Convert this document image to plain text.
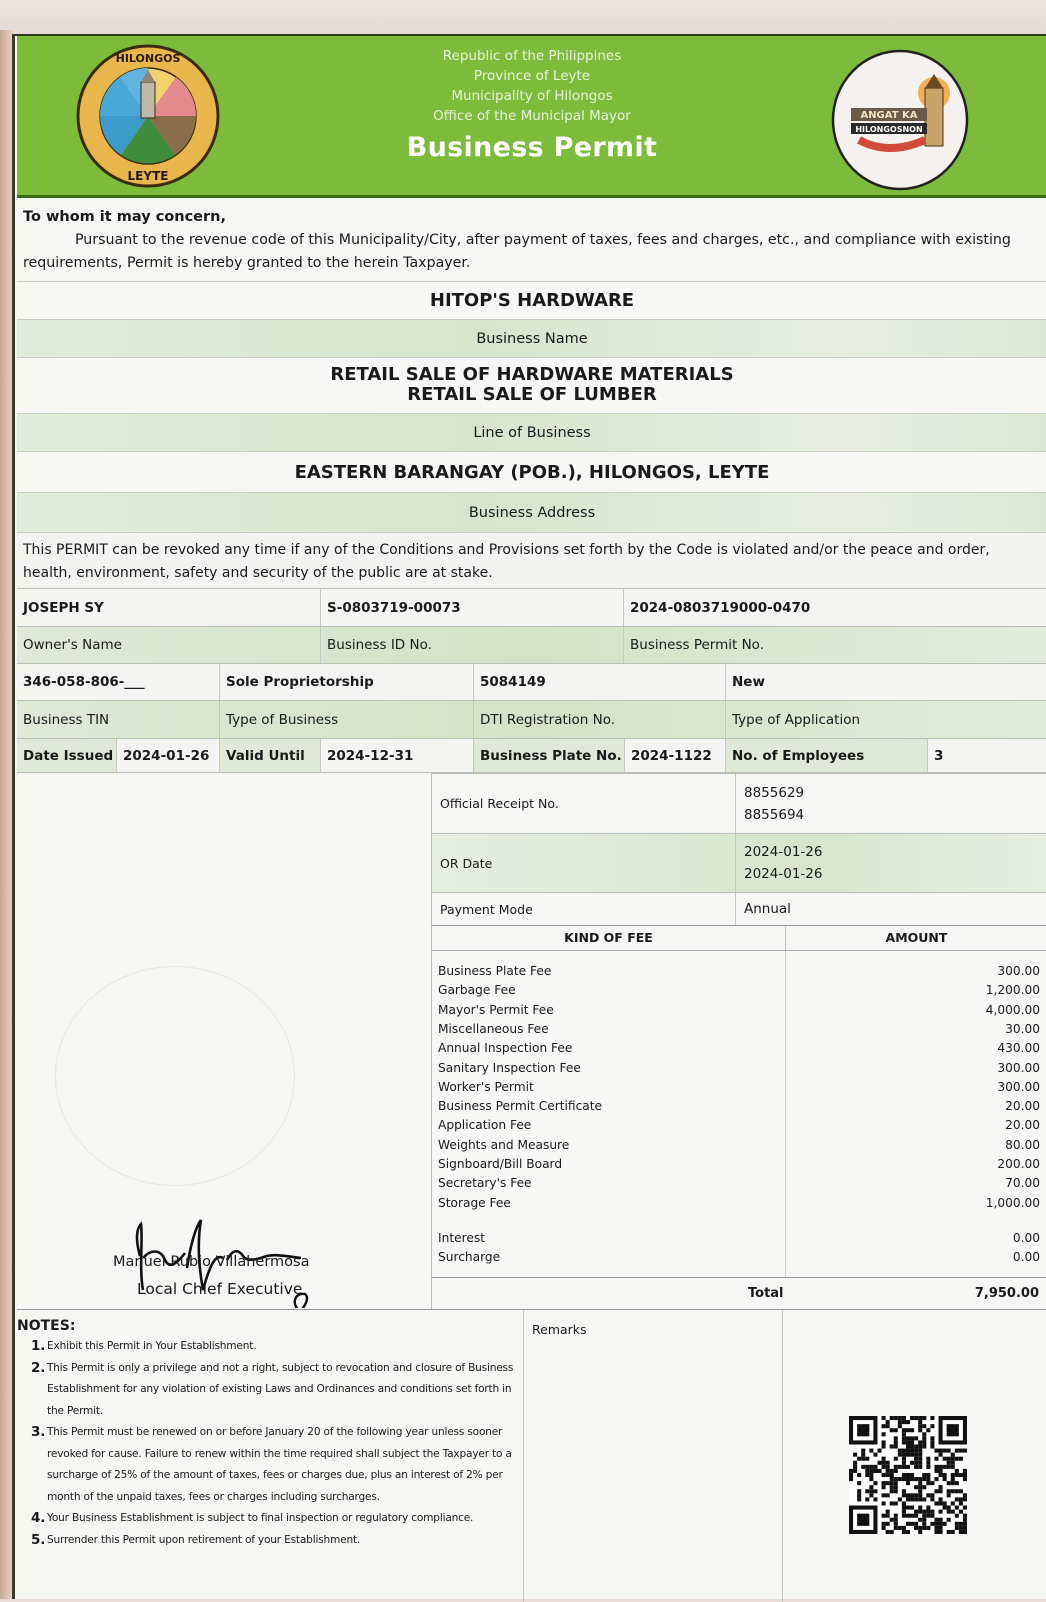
HILONGOS
LEYTE
Republic of the Philippines
Province of Leyte
Municipality of Hilongos
Office of the Municipal Mayor
Business Permit
ANGAT KA
HILONGOSNON
To whom it may concern,
Pursuant to the revenue code of this Municipality/City, after payment of taxes, fees and charges, etc., and compliance with existing requirements, Permit is hereby granted to the herein Taxpayer.
HITOP'S HARDWARE
Business Name
RETAIL SALE OF HARDWARE MATERIALS
RETAIL SALE OF LUMBER
Line of Business
EASTERN BARANGAY (POB.), HILONGOS, LEYTE
Business Address
This PERMIT can be revoked any time if any of the Conditions and Provisions set forth by the Code is violated and/or the peace and order, health, environment, safety and security of the public are at stake.
JOSEPH SY	S-0803719-00073	2024-0803719000-0470
Owner's Name	Business ID No.	Business Permit No.
346-058-806-___	Sole Proprietorship	5084149	New
Business TIN	Type of Business	DTI Registration No.	Type of Application
Date Issued 2024-01-26	Valid Until	2024-12-31	Business Plate No. 2024-1122	No. of Employees	3
Official Receipt No.
8855629
8855694
OR Date
2024-01-26
2024-01-26
Payment Mode	Annual
KIND OF FEE	AMOUNT
Business Plate Fee	300.00
Garbage Fee	1,200.00
Mayor's Permit Fee	4,000.00
Miscellaneous Fee	30.00
Annual Inspection Fee	430.00
Sanitary Inspection Fee	300.00
Worker's Permit	300.00
Business Permit Certificate	20.00
Application Fee	20.00
Weights and Measure	80.00
Signboard/Bill Board	200.00
Secretary's Fee	70.00
Storage Fee	1,000.00
Interest	0.00
Surcharge	0.00
Total	7,950.00
Manuel Rubio Villahermosa
Local Chief Executive
NOTES:
1. Exhibit this Permit in Your Establishment.
2. This Permit is only a privilege and not a right, subject to revocation and closure of Business Establishment for any violation of existing Laws and Ordinances and conditions set forth in the Permit.
3. This Permit must be renewed on or before January 20 of the following year unless sooner revoked for cause. Failure to renew within the time required shall subject the Taxpayer to a surcharge of 25% of the amount of taxes, fees or charges due, plus an interest of 2% per month of the unpaid taxes, fees or charges including surcharges.
4. Your Business Establishment is subject to final inspection or regulatory compliance.
5. Surrender this Permit upon retirement of your Establishment.
Remarks
